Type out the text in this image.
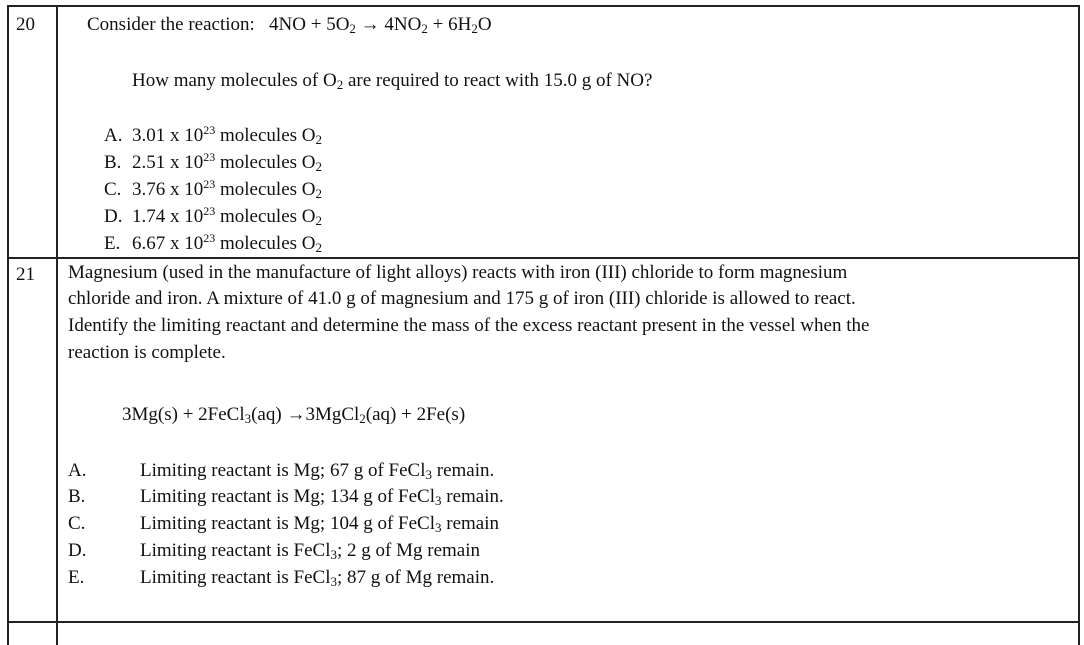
20	Consider the reaction: $4NO + 5O_2 \to 4NO_2 + 6H_2O$
How many molecules of $O_2$ are required to react with 15.0 g of NO?
A. 3.01 x $10^{23}$ molecules $O_2$
B. 2.51 x $10^{23}$ molecules $O_2$
C. 3.76 x $10^{23}$ molecules $O_2$
D. 1.74 x $10^{23}$ molecules $O_2$
E. 6.67 x $10^{23}$ molecules $O_2$
21 Magnesium (used in the manufacture of light alloys) reacts with iron (III) chloride to form magnesium
chloride and iron. A mixture of 41.0 g of magnesium and 175 g of iron (III) chloride is allowed to react.
Identify the limiting reactant and determine the mass of the excess reactant present in the vessel when the
reaction is complete.
3Mg(s) + 2FeCl$_3$(aq) →3MgCl$_2$(aq) + 2Fe(s)
A.	Limiting reactant is Mg; 67 g of FeCl$_3$ remain.
B.	Limiting reactant is Mg; 134 g of FeCl$_3$ remain.
C.	Limiting reactant is Mg; 104 g of FeCl$_3$ remain
D.	Limiting reactant is FeCl$_3$; 2 g of Mg remain
E.	Limiting reactant is FeCl$_3$; 87 g of Mg remain.
